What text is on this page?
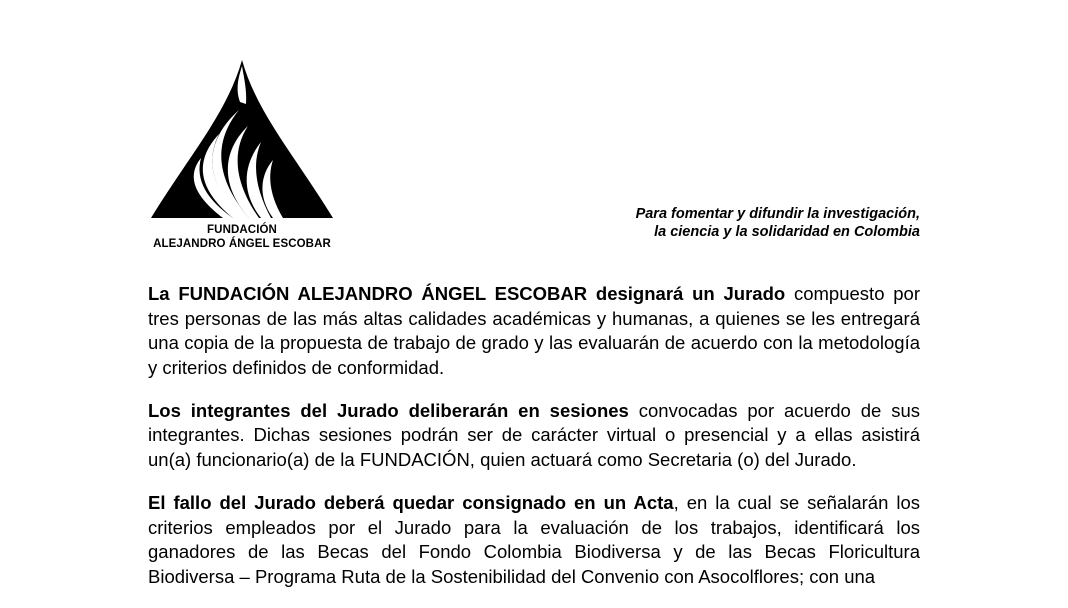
FUNDACIÓN
ALEJANDRO ÁNGEL ESCOBAR
Para fomentar y difundir la investigación,
la ciencia y la solidaridad en Colombia

La FUNDACIÓN ALEJANDRO ÁNGEL ESCOBAR designará un Jurado compuesto por tres personas de las más altas calidades académicas y humanas, a quienes se les entregará una copia de la propuesta de trabajo de grado y las evaluarán de acuerdo con la metodología y criterios definidos de conformidad.

Los integrantes del Jurado deliberarán en sesiones convocadas por acuerdo de sus integrantes. Dichas sesiones podrán ser de carácter virtual o presencial y a ellas asistirá un(a) funcionario(a) de la FUNDACIÓN, quien actuará como Secretaria (o) del Jurado.

El fallo del Jurado deberá quedar consignado en un Acta, en la cual se señalarán los criterios empleados por el Jurado para la evaluación de los trabajos, identificará los ganadores de las Becas del Fondo Colombia Biodiversa y de las Becas Floricultura Biodiversa – Programa Ruta de la Sostenibilidad del Convenio con Asocolflores; con una
